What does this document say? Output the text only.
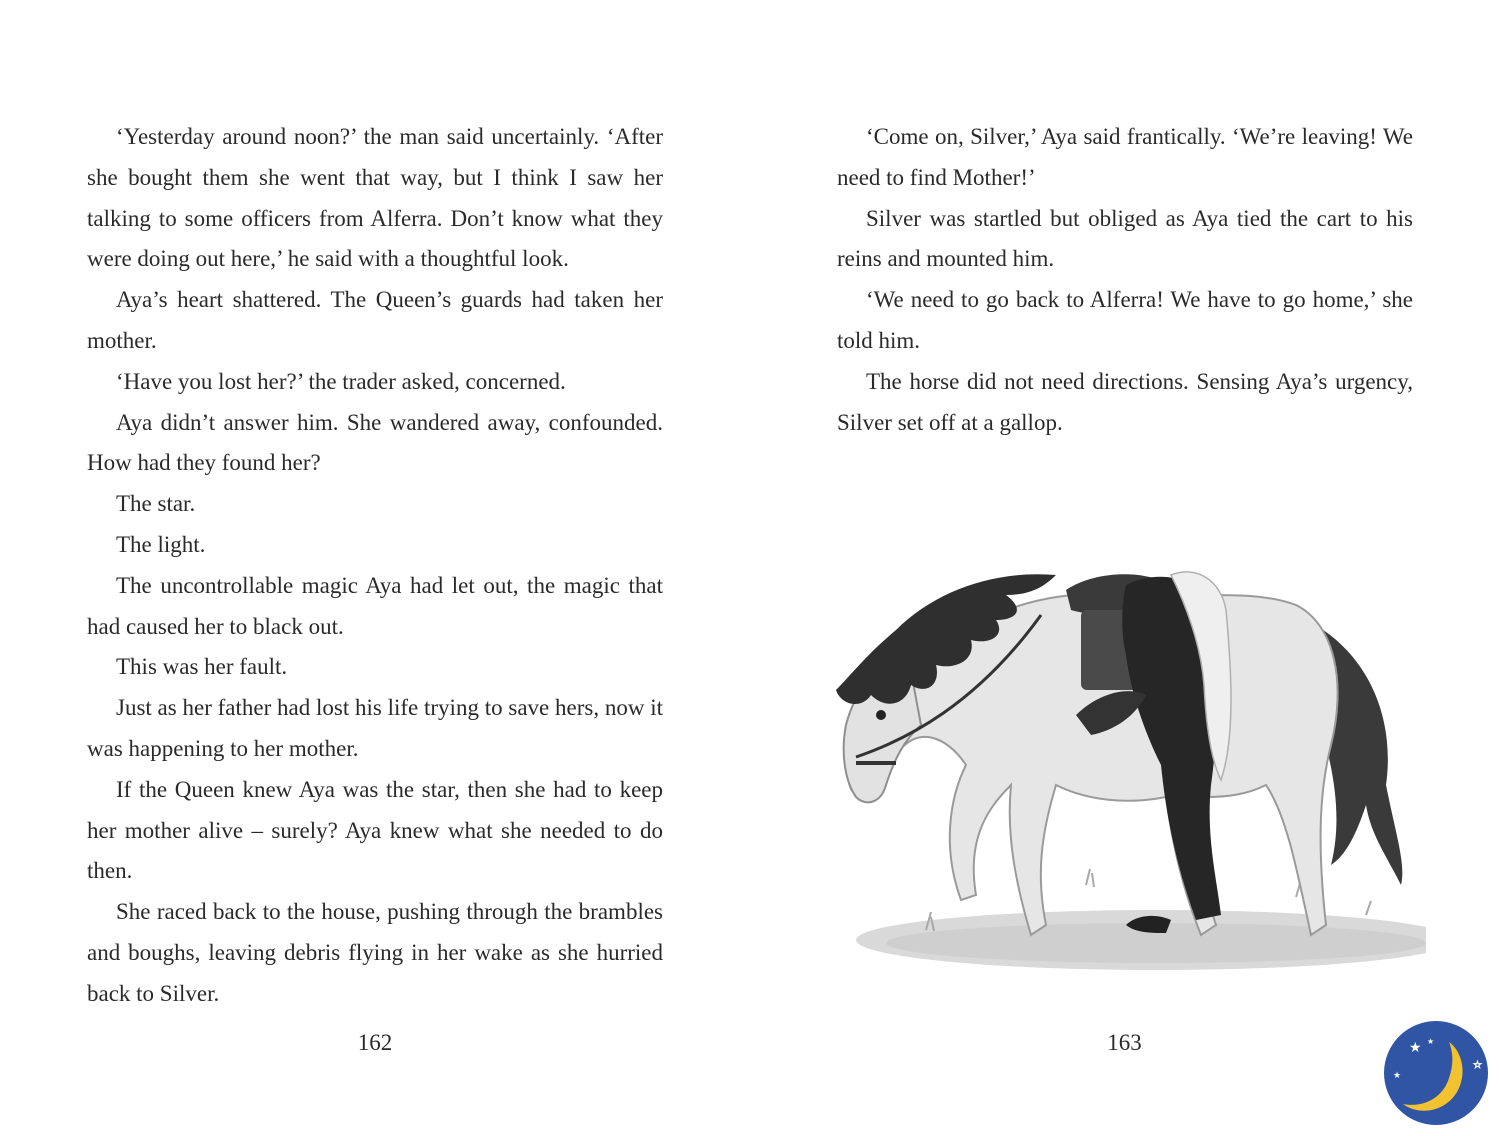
‘Yesterday around noon?’ the man said uncertainly. ‘After she bought them she went that way, but I think I saw her talking to some officers from Alferra. Don’t know what they were doing out here,’ he said with a thoughtful look.

Aya’s heart shattered. The Queen’s guards had taken her mother.

‘Have you lost her?’ the trader asked, concerned.

Aya didn’t answer him. She wandered away, confounded. How had they found her?

The star.

The light.

The uncontrollable magic Aya had let out, the magic that had caused her to black out.

This was her fault.

Just as her father had lost his life trying to save hers, now it was happening to her mother.

If the Queen knew Aya was the star, then she had to keep her mother alive – surely? Aya knew what she needed to do then.

She raced back to the house, pushing through the brambles and boughs, leaving debris flying in her wake as she hurried back to Silver.

162

‘Come on, Silver,’ Aya said frantically. ‘We’re leaving! We need to find Mother!’

Silver was startled but obliged as Aya tied the cart to his reins and mounted him.

‘We need to go back to Alferra! We have to go home,’ she told him.

The horse did not need directions. Sensing Aya’s urgency, Silver set off at a gallop.

163	★
★
★
☆
